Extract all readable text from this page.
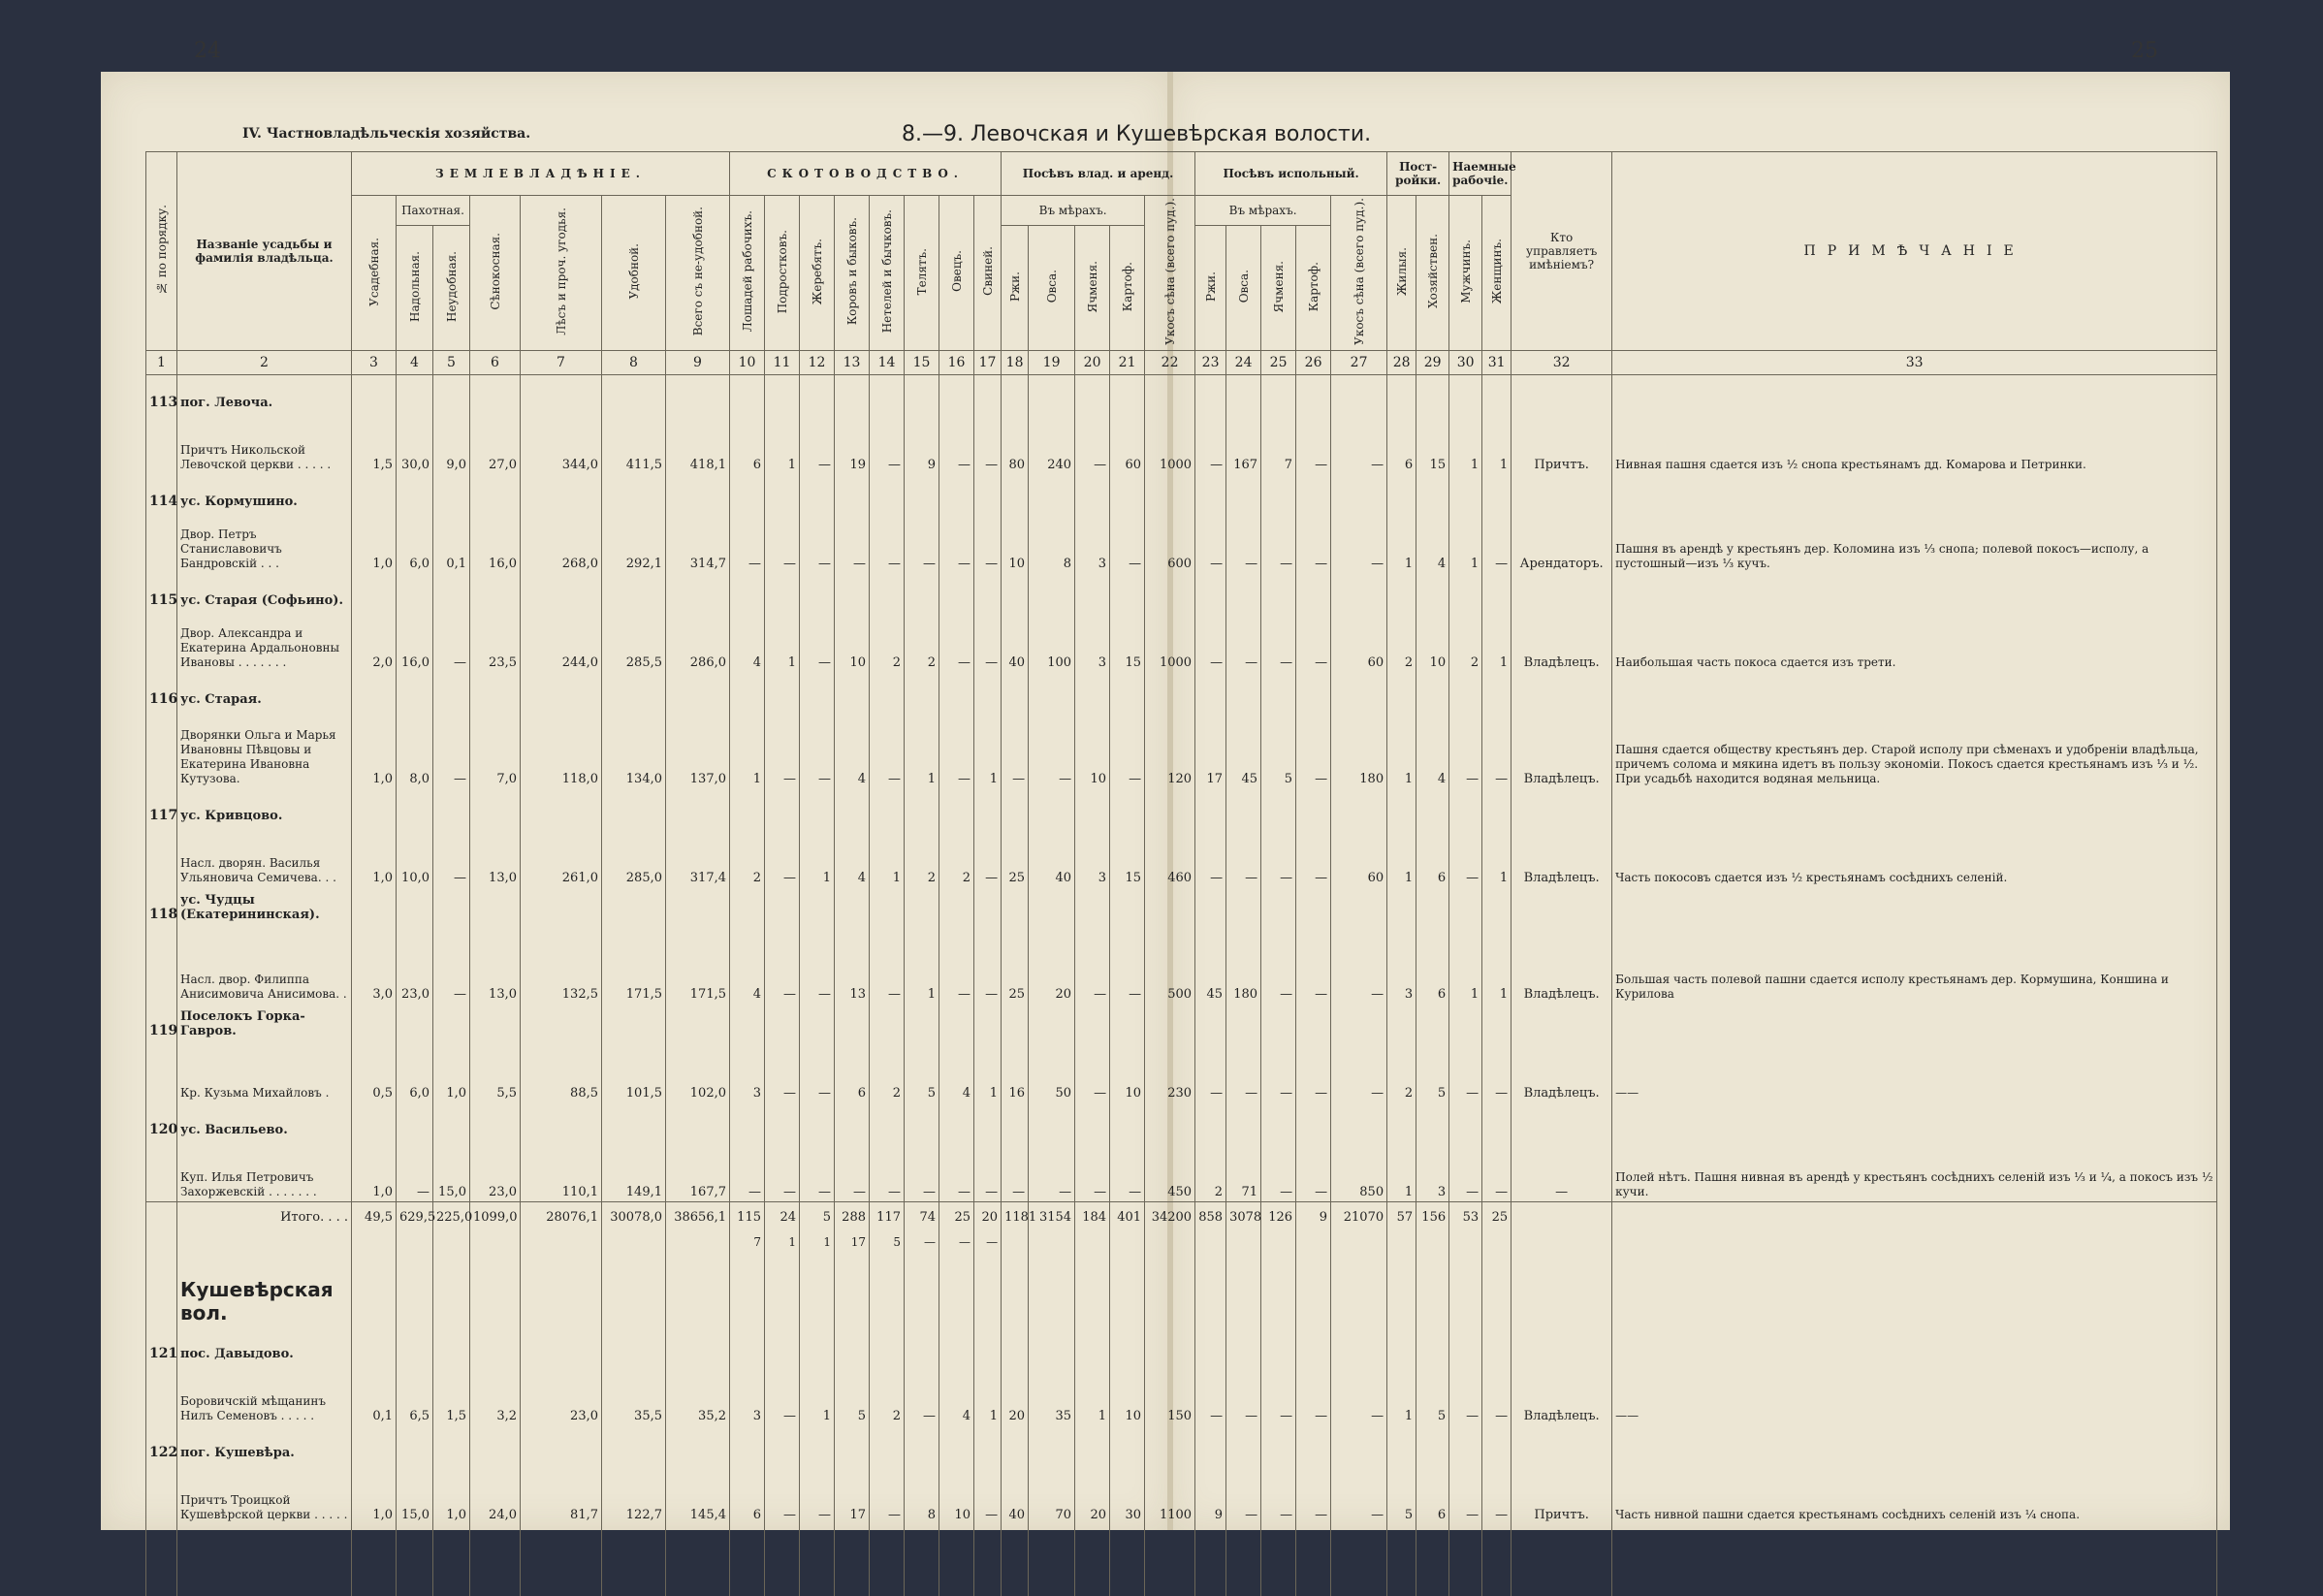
24	25
IV. Частновладѣльческія хозяйства.	8.—9. Левочская и Кушевѣрская волости.
№ по порядку.	Названіе усадьбы и фамилія владѣльца.	ЗЕМЛЕВЛАДѢНІЕ.							СКОТОВОДСТВО.								Посѣвъ влад. и аренд.					Посѣвъ испольный.					Пост-ройки.		Наемные рабочіе.		Кто управляетъ имѣніемъ?	ПРИМѢЧАНІЕ
		Усадебная.	Пахотная.		Сѣнокосная.	Лѣсъ и проч. угодья.	Удобной.	Всего съ не-удобной.	Лошадей рабочихъ.	Подростковъ.	Жеребятъ.	Коровъ и быковъ.	Нетелей и бычковъ.	Телятъ.	Овецъ.	Свиней.	Въ мѣрахъ.				Укосъ сѣна (всего пуд.).	Въ мѣрахъ.				Укосъ сѣна (всего пуд.).	Жилыя.	Хозяйствен.	Мужчинъ.	Женщинъ.		
			Надольная.	Неудобная.													Ржи.	Овса.	Ячменя.	Картоф.		Ржи.	Овса.	Ячменя.	Картоф.							
1	2	3	4	5	6	7	8	9	10	11	12	13	14	15	16	17	18	19	20	21	22	23	24	25	26	27	28	29	30	31	32	33
113	пог. Левоча.																															
	Причтъ Никольской Левочской церкви . . . . .	1,5	30,0	9,0	27,0	344,0	411,5	418,1	6	1	—	19	—	9	—	—	80	240	—	60	1000	—	167	7	—	—	6	15	1	1	Причтъ.	Нивная пашня сдается изъ ½ снопа крестьянамъ дд. Комарова и Петринки.
114	ус. Кормушино.																															
	Двор. Петръ Станиславовичъ Бандровскій . . .	1,0	6,0	0,1	16,0	268,0	292,1	314,7	—	—	—	—	—	—	—	—	10	8	3	—	600	—	—	—	—	—	1	4	1	—	Арендаторъ.	Пашня въ арендѣ у крестьянъ дер. Коломина изъ ⅓ снопа; полевой покосъ—исполу, а пустошный—изъ ⅓ кучъ.
115	ус. Старая (Софьино).																															
	Двор. Александра и Екатерина Ардальоновны Ивановы . . . . . . .	2,0	16,0	—	23,5	244,0	285,5	286,0	4	1	—	10	2	2	—	—	40	100	3	15	1000	—	—	—	—	60	2	10	2	1	Владѣлецъ.	Наибольшая часть покоса сдается изъ трети.
116	ус. Старая.																															
	Дворянки Ольга и Марья Ивановны Пѣвцовы и Екатерина Ивановна Кутузова.	1,0	8,0	—	7,0	118,0	134,0	137,0	1	—	—	4	—	1	—	1	—	—	10	—	120	17	45	5	—	180	1	4	—	—	Владѣлецъ.	Пашня сдается обществу крестьянъ дер. Старой исполу при сѣменахъ и удобреніи владѣльца, причемъ солома и мякина идетъ въ пользу экономіи. Покосъ сдается крестьянамъ изъ ⅓ и ½. При усадьбѣ находится водяная мельница.
117	ус. Кривцово.																															
	Насл. дворян. Василья Ульяновича Семичева. . .	1,0	10,0	—	13,0	261,0	285,0	317,4	2	—	1	4	1	2	2	—	25	40	3	15	460	—	—	—	—	60	1	6	—	1	Владѣлецъ.	Часть покосовъ сдается изъ ½ крестьянамъ сосѣднихъ селеній.
118	ус. Чудцы (Екатерининская).																															
	Насл. двор. Филиппа Анисимовича Анисимова. .	3,0	23,0	—	13,0	132,5	171,5	171,5	4	—	—	13	—	1	—	—	25	20	—	—	500	45	180	—	—	—	3	6	1	1	Владѣлецъ.	Большая часть полевой пашни сдается исполу крестьянамъ дер. Кормушина, Коншина и Курилова
119	Поселокъ Горка-Гавров.																															
	Кр. Кузьма Михайловъ .	0,5	6,0	1,0	5,5	88,5	101,5	102,0	3	—	—	6	2	5	4	1	16	50	—	10	230	—	—	—	—	—	2	5	—	—	Владѣлецъ.	——
120	ус. Васильево.																															
	Куп. Илья Петровичъ Захоржевскій . . . . . . .	1,0	—	15,0	23,0	110,1	149,1	167,7	—	—	—	—	—	—	—	—	—	—	—	—	450	2	71	—	—	850	1	3	—	—	—	Полей нѣтъ. Пашня нивная въ арендѣ у крестьянъ сосѣднихъ селеній изъ ⅓ и ¼, а покосъ изъ ½ кучи.
	Итого. . . .	49,5	629,5	225,0	1099,0	28076,1	30078,0	38656,1	115	24	5	288	117	74	25	20	1181	3154	184	401	34200	858	3078	126	9	21070	57	156	53	25		
									7	1	1	17	5	—	—	—																
	Кушевѣрская вол.																															
121	пос. Давыдово.																															
	Боровичскій мѣщанинъ Нилъ Семеновъ . . . . .	0,1	6,5	1,5	3,2	23,0	35,5	35,2	3	—	1	5	2	—	4	1	20	35	1	10	150	—	—	—	—	—	1	5	—	—	Владѣлецъ.	——
122	пог. Кушевѣра.																															
	Причтъ Троицкой Кушевѣрской церкви . . . . .	1,0	15,0	1,0	24,0	81,7	122,7	145,4	6	—	—	17	—	8	10	—	40	70	20	30	1100	9	—	—	—	—	5	6	—	—	Причтъ.	Часть нивной пашни сдается крестьянамъ сосѣднихъ селеній изъ ¼ снопа.
